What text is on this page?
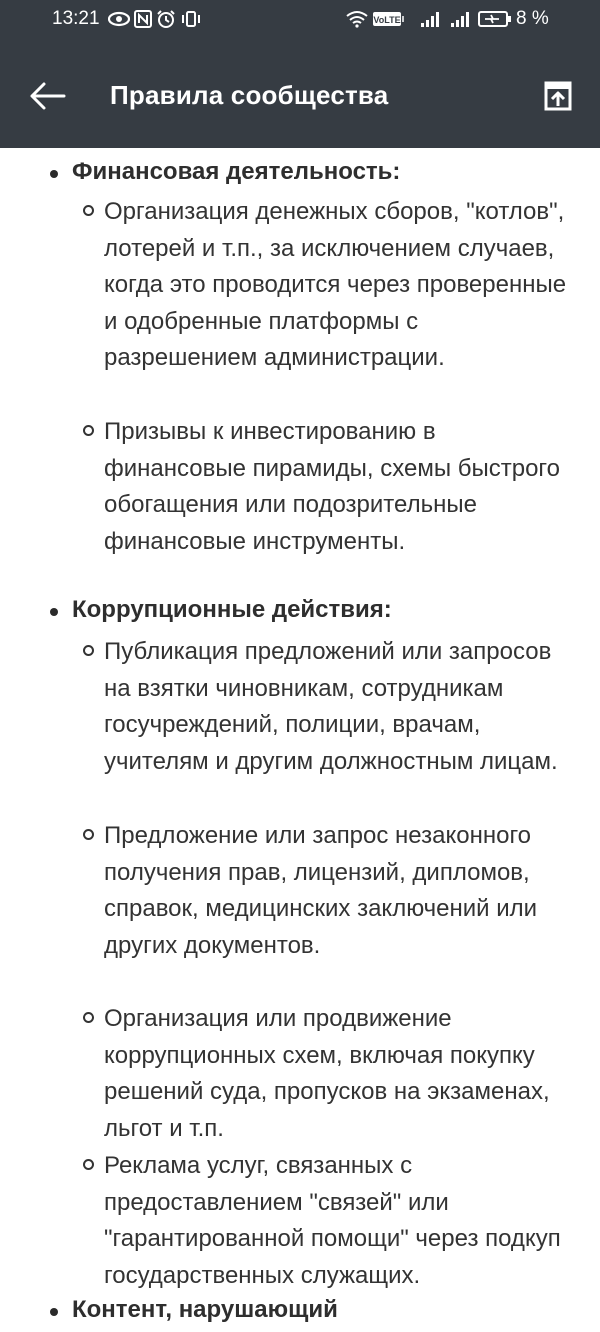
13:21	VoLTE	8 %
Правила сообщества
Финансовая деятельность:
Организация денежных сборов, "котлов", лотерей и т.п., за исключением случаев, когда это проводится через проверенные и одобренные платформы с разрешением администрации.
Призывы к инвестированию в финансовые пирамиды, схемы быстрого обогащения или подозрительные финансовые инструменты.
Коррупционные действия:
Публикация предложений или запросов на взятки чиновникам, сотрудникам госучреждений, полиции, врачам, учителям и другим должностным лицам.
Предложение или запрос незаконного получения прав, лицензий, дипломов, справок, медицинских заключений или других документов.
Организация или продвижение коррупционных схем, включая покупку решений суда, пропусков на экзаменах, льгот и т.п.
Реклама услуг, связанных с предоставлением "связей" или "гарантированной помощи" через подкуп государственных служащих.
Контент, нарушающий
